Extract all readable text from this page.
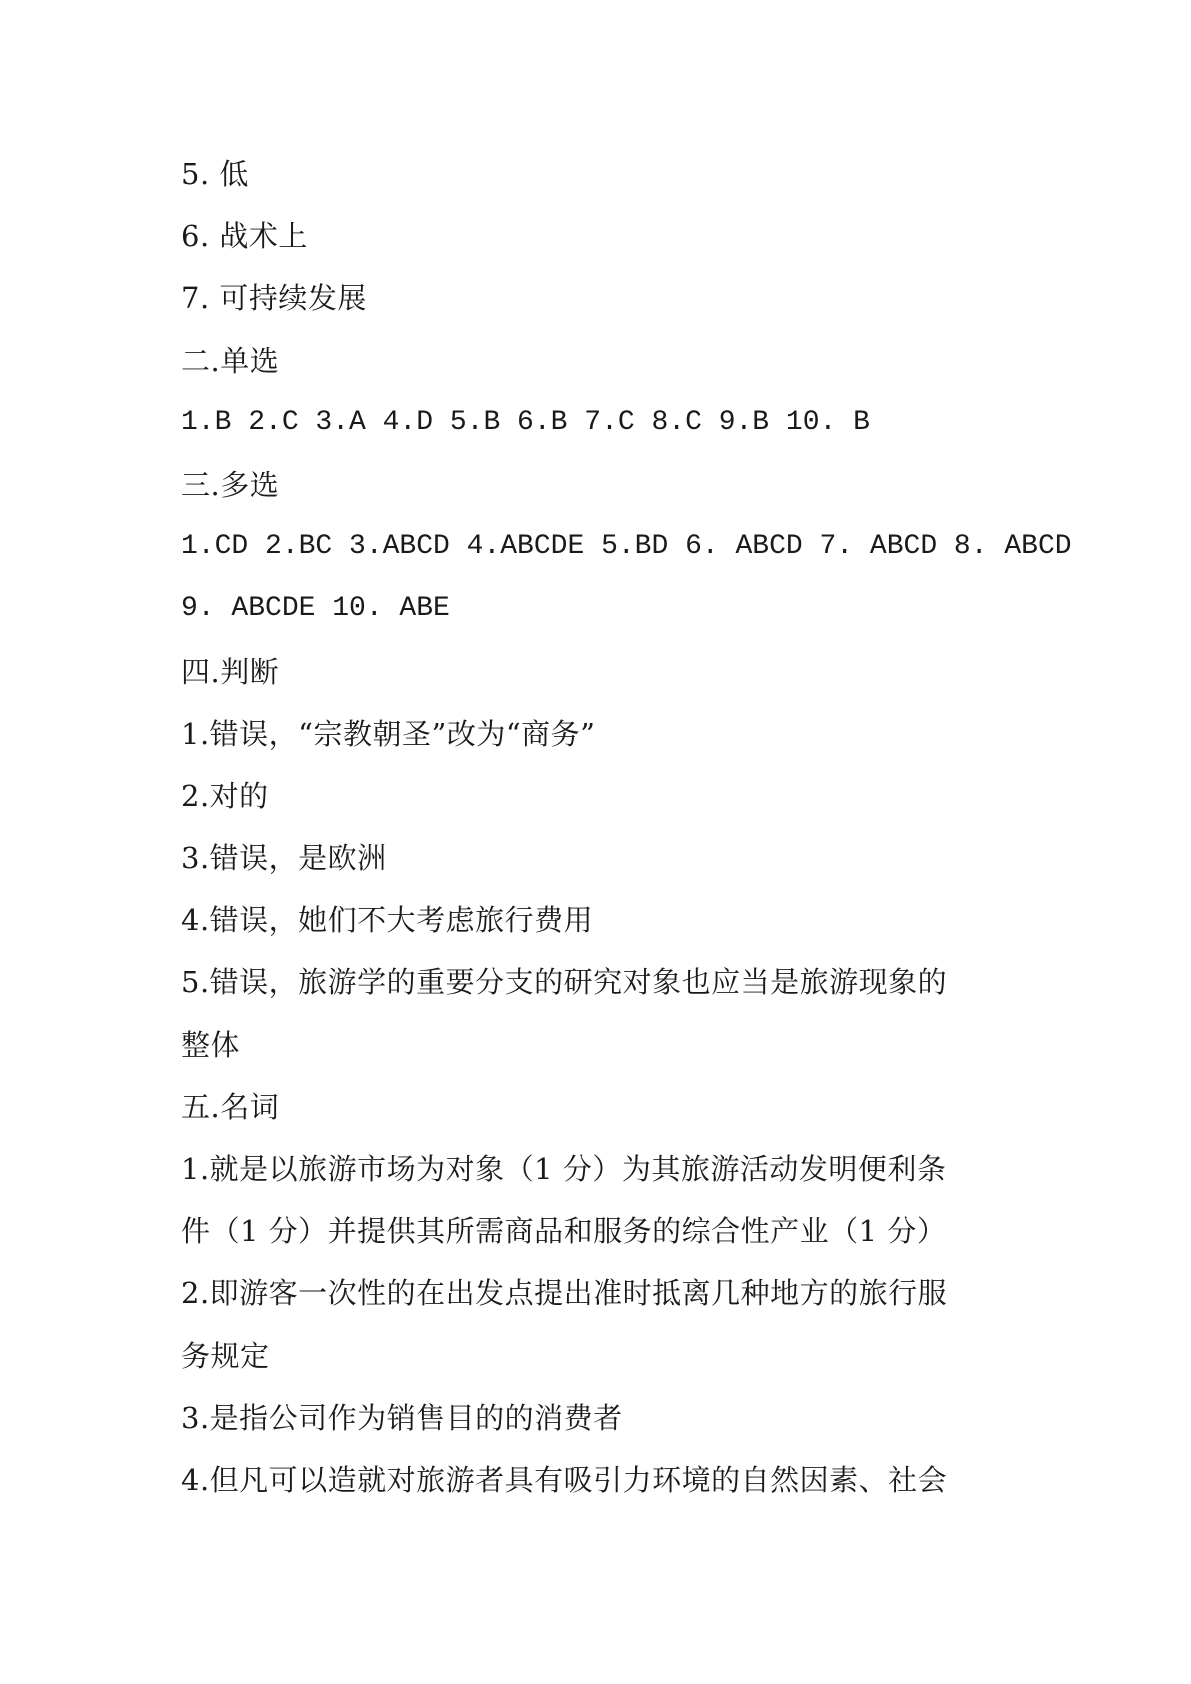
5. 低
6. 战术上
7. 可持续发展
二.单选
1.B 2.C 3.A 4.D 5.B 6.B 7.C 8.C 9.B 10. B
三.多选
1.CD 2.BC 3.ABCD 4.ABCDE 5.BD 6. ABCD 7. ABCD 8. ABCD
9. ABCDE 10. ABE
四.判断
1.错误，“宗教朝圣”改为“商务”
2.对的
3.错误，是欧洲
4.错误，她们不大考虑旅行费用
5.错误，旅游学的重要分支的研究对象也应当是旅游现象的
整体
五.名词
1.就是以旅游市场为对象（1 分）为其旅游活动发明便利条
件（1 分）并提供其所需商品和服务的综合性产业（1 分）
2.即游客一次性的在出发点提出准时抵离几种地方的旅行服
务规定
3.是指公司作为销售目的的消费者
4.但凡可以造就对旅游者具有吸引力环境的自然因素、社会
